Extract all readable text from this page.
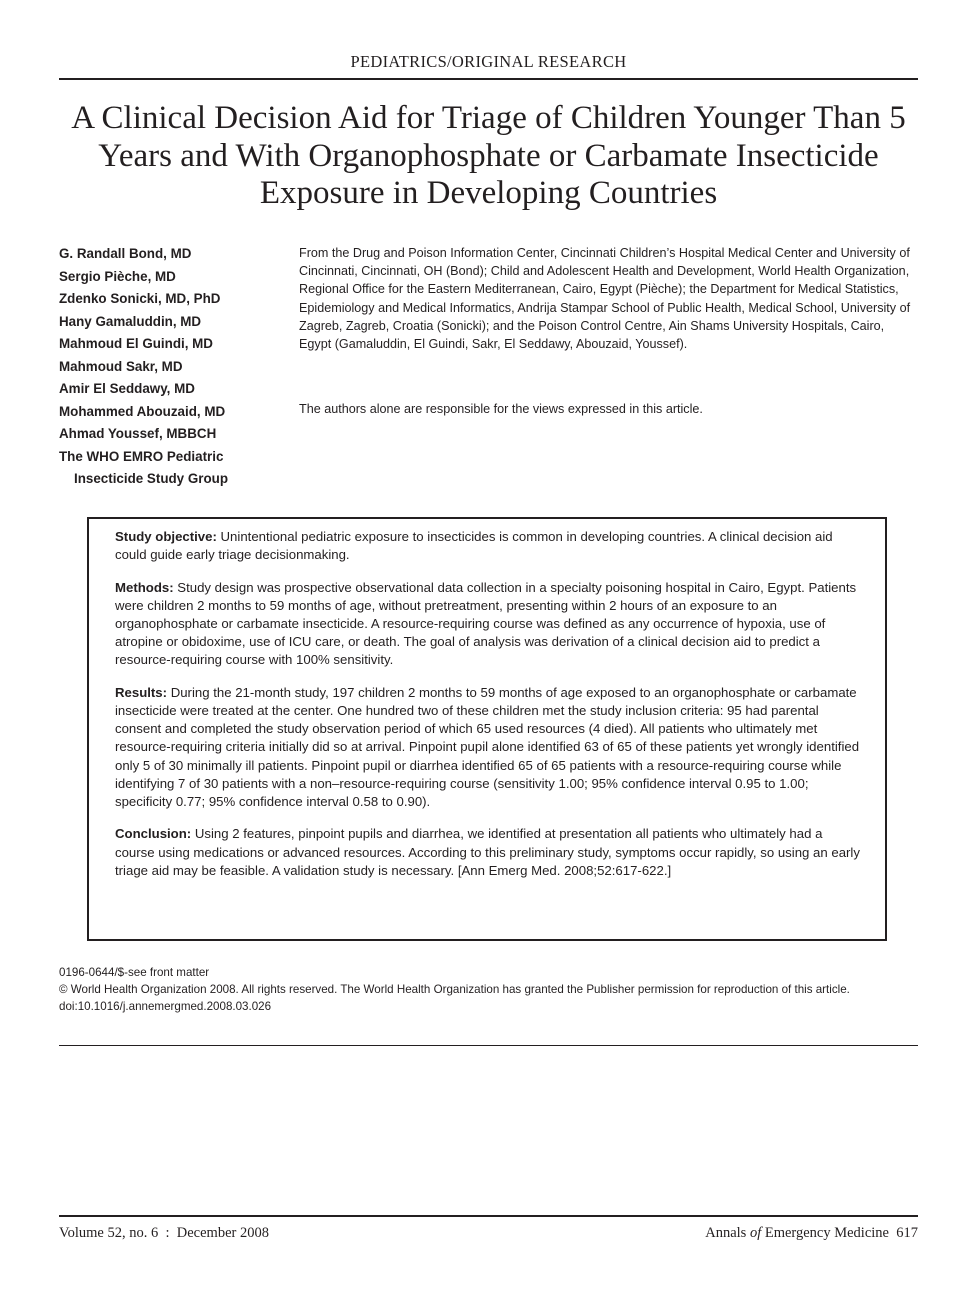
PEDIATRICS/ORIGINAL RESEARCH
A Clinical Decision Aid for Triage of Children Younger Than 5 Years and With Organophosphate or Carbamate Insecticide Exposure in Developing Countries
G. Randall Bond, MD
Sergio Pièche, MD
Zdenko Sonicki, MD, PhD
Hany Gamaluddin, MD
Mahmoud El Guindi, MD
Mahmoud Sakr, MD
Amir El Seddawy, MD
Mohammed Abouzaid, MD
Ahmad Youssef, MBBCH
The WHO EMRO Pediatric
Insecticide Study Group

From the Drug and Poison Information Center, Cincinnati Children’s Hospital Medical Center and University of Cincinnati, Cincinnati, OH (Bond); Child and Adolescent Health and Development, World Health Organization, Regional Office for the Eastern Mediterranean, Cairo, Egypt (Pièche); the Department for Medical Statistics, Epidemiology and Medical Informatics, Andrija Stampar School of Public Health, Medical School, University of Zagreb, Zagreb, Croatia (Sonicki); and the Poison Control Centre, Ain Shams University Hospitals, Cairo, Egypt (Gamaluddin, El Guindi, Sakr, El Seddawy, Abouzaid, Youssef).

The authors alone are responsible for the views expressed in this article.

Study objective: Unintentional pediatric exposure to insecticides is common in developing countries. A clinical decision aid could guide early triage decisionmaking.

Methods: Study design was prospective observational data collection in a specialty poisoning hospital in Cairo, Egypt. Patients were children 2 months to 59 months of age, without pretreatment, presenting within 2 hours of an exposure to an organophosphate or carbamate insecticide. A resource-requiring course was defined as any occurrence of hypoxia, use of atropine or obidoxime, use of ICU care, or death. The goal of analysis was derivation of a clinical decision aid to predict a resource-requiring course with 100% sensitivity.

Results: During the 21-month study, 197 children 2 months to 59 months of age exposed to an organophosphate or carbamate insecticide were treated at the center. One hundred two of these children met the study inclusion criteria: 95 had parental consent and completed the study observation period of which 65 used resources (4 died). All patients who ultimately met resource-requiring criteria initially did so at arrival. Pinpoint pupil alone identified 63 of 65 of these patients yet wrongly identified only 5 of 30 minimally ill patients. Pinpoint pupil or diarrhea identified 65 of 65 patients with a resource-requiring course while identifying 7 of 30 patients with a non–resource-requiring course (sensitivity 1.00; 95% confidence interval 0.95 to 1.00; specificity 0.77; 95% confidence interval 0.58 to 0.90).

Conclusion: Using 2 features, pinpoint pupils and diarrhea, we identified at presentation all patients who ultimately had a course using medications or advanced resources. According to this preliminary study, symptoms occur rapidly, so using an early triage aid may be feasible. A validation study is necessary. [Ann Emerg Med. 2008;52:617-622.]

0196-0644/$-see front matter
© World Health Organization 2008. All rights reserved. The World Health Organization has granted the Publisher permission for reproduction of this article.
doi:10.1016/j.annemergmed.2008.03.026
Volume 52, no. 6 : December 2008	Annals of Emergency Medicine 617
